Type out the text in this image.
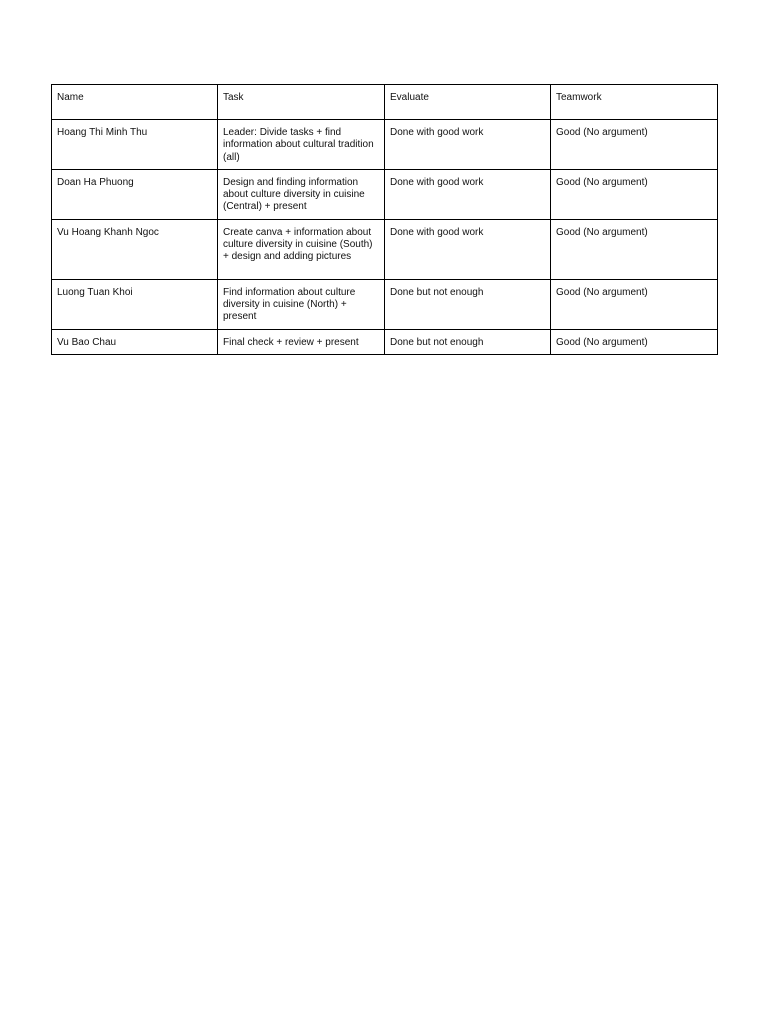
Name	Task	Evaluate	Teamwork
Hoang Thi Minh Thu	Leader: Divide tasks + find information about cultural tradition (all)	Done with good work	Good (No argument)
Doan Ha Phuong	Design and finding information about culture diversity in cuisine (Central) + present	Done with good work	Good (No argument)
Vu Hoang Khanh Ngoc	Create canva + information about culture diversity in cuisine (South) + design and adding pictures	Done with good work	Good (No argument)
Luong Tuan Khoi	Find information about culture diversity in cuisine (North) + present	Done but not enough	Good (No argument)
Vu Bao Chau	Final check + review + present	Done but not enough	Good (No argument)
